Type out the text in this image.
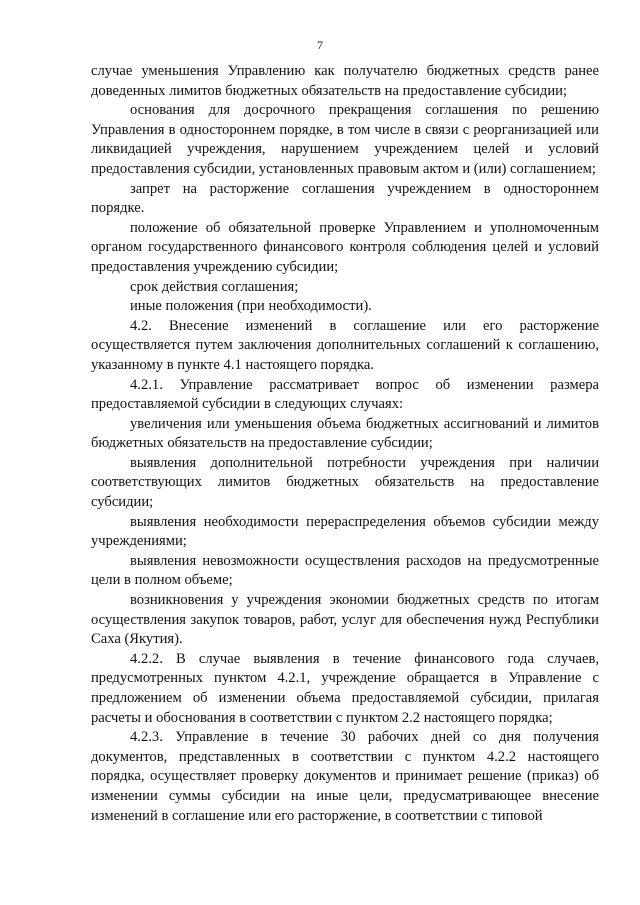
7

случае уменьшения Управлению как получателю бюджетных средств ранее доведенных лимитов бюджетных обязательств на предоставление субсидии;

основания для досрочного прекращения соглашения по решению Управления в одностороннем порядке, в том числе в связи с реорганизацией или ликвидацией учреждения, нарушением учреждением целей и условий предоставления субсидии, установленных правовым актом и (или) соглашением;

запрет на расторжение соглашения учреждением в одностороннем порядке.

положение об обязательной проверке Управлением и уполномоченным органом государственного финансового контроля соблюдения целей и условий предоставления учреждению субсидии;

срок действия соглашения;

иные положения (при необходимости).

4.2. Внесение изменений в соглашение или его расторжение осуществляется путем заключения дополнительных соглашений к соглашению, указанному в пункте 4.1 настоящего порядка.

4.2.1. Управление рассматривает вопрос об изменении размера предоставляемой субсидии в следующих случаях:

увеличения или уменьшения объема бюджетных ассигнований и лимитов бюджетных обязательств на предоставление субсидии;

выявления дополнительной потребности учреждения при наличии соответствующих лимитов бюджетных обязательств на предоставление субсидии;

выявления необходимости перераспределения объемов субсидии между учреждениями;

выявления невозможности осуществления расходов на предусмотренные цели в полном объеме;

возникновения у учреждения экономии бюджетных средств по итогам осуществления закупок товаров, работ, услуг для обеспечения нужд Республики Саха (Якутия).

4.2.2. В случае выявления в течение финансового года случаев, предусмотренных пунктом 4.2.1, учреждение обращается в Управление с предложением об изменении объема предоставляемой субсидии, прилагая расчеты и обоснования в соответствии с пунктом 2.2 настоящего порядка;

4.2.3. Управление в течение 30 рабочих дней со дня получения документов, представленных в соответствии с пунктом 4.2.2 настоящего порядка, осуществляет проверку документов и принимает решение (приказ) об изменении суммы субсидии на иные цели, предусматривающее внесение изменений в соглашение или его расторжение, в соответствии с типовой
